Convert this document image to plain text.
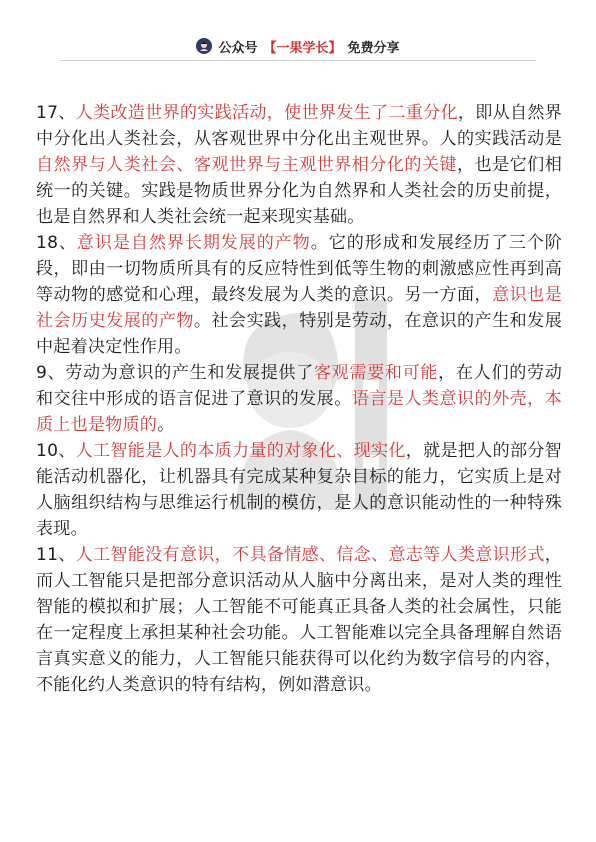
公众号 【一果学长】 免费分享

17、人类改造世界的实践活动，使世界发生了二重分化，即从自然界中分化出人类社会，从客观世界中分化出主观世界。人的实践活动是自然界与人类社会、客观世界与主观世界相分化的关键，也是它们相统一的关键。实践是物质世界分化为自然界和人类社会的历史前提，也是自然界和人类社会统一起来现实基础。

18、意识是自然界长期发展的产物。它的形成和发展经历了三个阶段，即由一切物质所具有的反应特性到低等生物的刺激感应性再到高等动物的感觉和心理，最终发展为人类的意识。另一方面，意识也是社会历史发展的产物。社会实践，特别是劳动，在意识的产生和发展中起着决定性作用。

9、劳动为意识的产生和发展提供了客观需要和可能，在人们的劳动和交往中形成的语言促进了意识的发展。语言是人类意识的外壳，本质上也是物质的。

10、人工智能是人的本质力量的对象化、现实化，就是把人的部分智能活动机器化，让机器具有完成某种复杂目标的能力，它实质上是对人脑组织结构与思维运行机制的模仿，是人的意识能动性的一种特殊表现。

11、人工智能没有意识，不具备情感、信念、意志等人类意识形式，而人工智能只是把部分意识活动从人脑中分离出来，是对人类的理性智能的模拟和扩展；人工智能不可能真正具备人类的社会属性，只能在一定程度上承担某种社会功能。人工智能难以完全具备理解自然语言真实意义的能力，人工智能只能获得可以化约为数字信号的内容，不能化约人类意识的特有结构，例如潜意识。
